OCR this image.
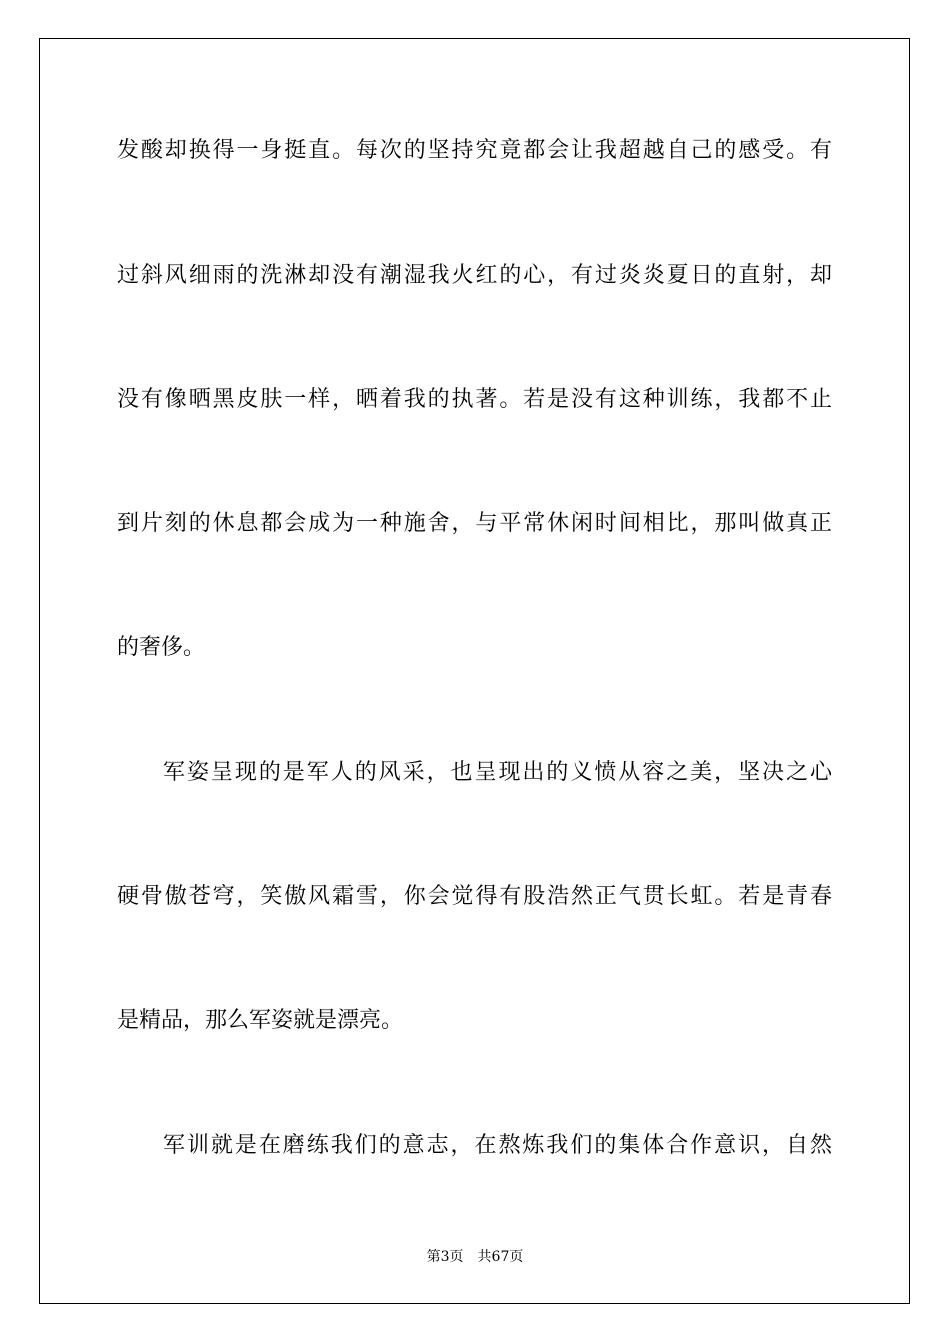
发酸却换得一身挺直。每次的坚持究竟都会让我超越自己的感受。有
过斜风细雨的洗淋却没有潮湿我火红的心，有过炎炎夏日的直射，却
没有像晒黑皮肤一样，晒着我的执著。若是没有这种训练，我都不止
到片刻的休息都会成为一种施舍，与平常休闲时间相比，那叫做真正
的奢侈。
军姿呈现的是军人的风采，也呈现出的义愤从容之美，坚决之心
硬骨傲苍穹，笑傲风霜雪，你会觉得有股浩然正气贯长虹。若是青春
是精品，那么军姿就是漂亮。
军训就是在磨练我们的意志，在熬炼我们的集体合作意识，自然
第3页 共67页
